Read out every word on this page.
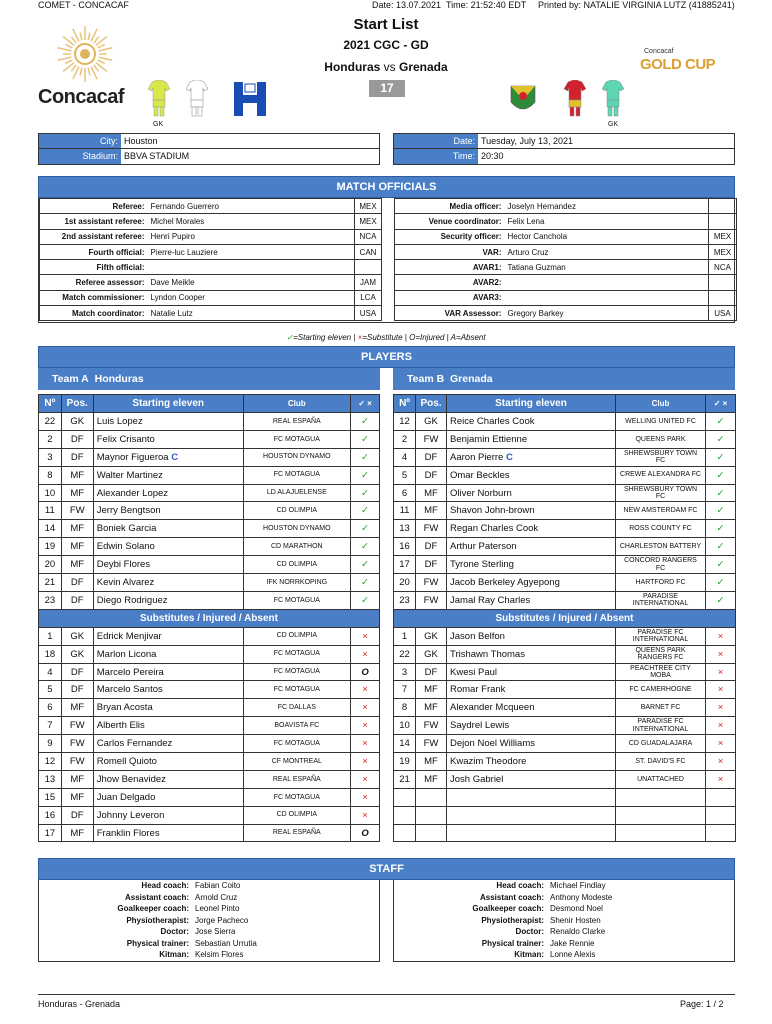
COMET - CONCACAF	Date: 13.07.2021 Time: 21:52:40 EDT Printed by: NATALIE VIRGINIA LUTZ (41885241)
Start List
2021 CGC - GD
Honduras vs Grenada
17
Concacaf
GK	GK
Concacaf
GOLD CUP
City: Houston
Stadium: BBVA STADIUM
Date: Tuesday, July 13, 2021
Time: 20:30
MATCH OFFICIALS
Referee:	Fernando Guerrero	MEX
1st assistant referee:	Michel Morales	MEX
2nd assistant referee:	Henri Pupiro	NCA
Fourth official:	Pierre-luc Lauziere	CAN
Fifth official:		
Referee assessor:	Dave Meikle	JAM
Match commissioner:	Lyndon Cooper	LCA
Match coordinator:	Natalie Lutz	USA
Media officer:	Joselyn Hernandez	
Venue coordinator:	Felix Lena	
Security officer:	Hector Canchola	MEX
VAR:	Arturo Cruz	MEX
AVAR1:	Tatiana Guzman	NCA
AVAR2:		
AVAR3:		
VAR Assessor:	Gregory Barkey	USA
✓=Starting eleven | ×=Substitute | O=Injured | A=Absent
PLAYERS
Team A Honduras
Nº	Pos.	Starting eleven	Club	✓ ×
22	GK	Luis Lopez	REAL ESPAÑA	✓
2	DF	Felix Crisanto	FC MOTAGUA	✓
3	DF	Maynor Figueroa C	HOUSTON DYNAMO	✓
8	MF	Walter Martinez	FC MOTAGUA	✓
10	MF	Alexander Lopez	LD ALAJUELENSE	✓
11	FW	Jerry Bengtson	CD OLIMPIA	✓
14	MF	Boniek Garcia	HOUSTON DYNAMO	✓
19	MF	Edwin Solano	CD MARATHON	✓
20	MF	Deybi Flores	CD OLIMPIA	✓
21	DF	Kevin Alvarez	IFK NORRKOPING	✓
23	DF	Diego Rodriguez	FC MOTAGUA	✓
Substitutes / Injured / Absent				
1	GK	Edrick Menjivar	CD OLIMPIA	×
18	GK	Marlon Licona	FC MOTAGUA	×
4	DF	Marcelo Pereira	FC MOTAGUA	O
5	DF	Marcelo Santos	FC MOTAGUA	×
6	MF	Bryan Acosta	FC DALLAS	×
7	FW	Alberth Elis	BOAVISTA FC	×
9	FW	Carlos Fernandez	FC MOTAGUA	×
12	FW	Romell Quioto	CF MONTREAL	×
13	MF	Jhow Benavidez	REAL ESPAÑA	×
15	MF	Juan Delgado	FC MOTAGUA	×
16	DF	Johnny Leveron	CD OLIMPIA	×
17	MF	Franklin Flores	REAL ESPAÑA	O
Team B Grenada
Nº	Pos.	Starting eleven	Club	✓ ×
12	GK	Reice Charles Cook	WELLING UNITED FC	✓
2	FW	Benjamin Ettienne	QUEENS PARK	✓
4	DF	Aaron Pierre C	SHREWSBURY TOWN FC	✓
5	DF	Omar Beckles	CREWE ALEXANDRA FC	✓
6	MF	Oliver Norburn	SHREWSBURY TOWN FC	✓
11	MF	Shavon John-brown	NEW AMSTERDAM FC	✓
13	FW	Regan Charles Cook	ROSS COUNTY FC	✓
16	DF	Arthur Paterson	CHARLESTON BATTERY	✓
17	DF	Tyrone Sterling	CONCORD RANGERS FC	✓
20	FW	Jacob Berkeley Agyepong	HARTFORD FC	✓
23	FW	Jamal Ray Charles	PARADISE INTERNATIONAL	✓
Substitutes / Injured / Absent				
1	GK	Jason Belfon	PARADISE FC INTERNATIONAL	×
22	GK	Trishawn Thomas	QUEENS PARK RANGERS FC	×
3	DF	Kwesi Paul	PEACHTREE CITY MOBA	×
7	MF	Romar Frank	FC CAMERHOGNE	×
8	MF	Alexander Mcqueen	BARNET FC	×
10	FW	Saydrel Lewis	PARADISE FC INTERNATIONAL	×
14	FW	Dejon Noel Williams	CD GUADALAJARA	×
19	MF	Kwazim Theodore	ST. DAVID'S FC	×
21	MF	Josh Gabriel	UNATTACHED	×

STAFF
Head coach:	Fabian Coito
Assistant coach:	Arnold Cruz
Goalkeeper coach:	Leonel Pinto
Physiotherapist:	Jorge Pacheco
Doctor:	Jose Sierra
Physical trainer:	Sebastian Urrutia
Kitman:	Kelsim Flores
Head coach:	Michael Findlay
Assistant coach:	Anthony Modeste
Goalkeeper coach:	Desmond Noel
Physiotherapist:	Shenir Hosten
Doctor:	Renaldo Clarke
Physical trainer:	Jake Rennie
Kitman:	Lonne Alexis
Honduras - Grenada	Page: 1 / 2
